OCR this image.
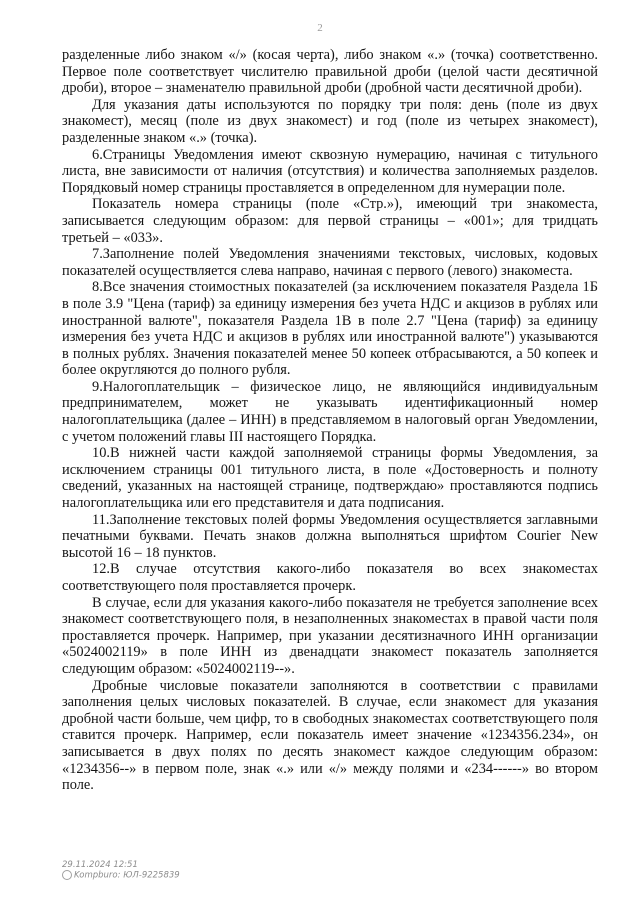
2

разделенные либо знаком «/» (косая черта), либо знаком «.» (точка) соответственно. Первое поле соответствует числителю правильной дроби (целой части десятичной дроби), второе – знаменателю правильной дроби (дробной части десятичной дроби).

Для указания даты используются по порядку три поля: день (поле из двух знакомест), месяц (поле из двух знакомест) и год (поле из четырех знакомест), разделенные знаком «.» (точка).

6.Страницы Уведомления имеют сквозную нумерацию, начиная с титульного листа, вне зависимости от наличия (отсутствия) и количества заполняемых разделов. Порядковый номер страницы проставляется в определенном для нумерации поле.

Показатель номера страницы (поле «Стр.»), имеющий три знакоместа, записывается следующим образом: для первой страницы – «001»; для тридцать третьей – «033».

7.Заполнение полей Уведомления значениями текстовых, числовых, кодовых показателей осуществляется слева направо, начиная с первого (левого) знакоместа.

8.Все значения стоимостных показателей (за исключением показателя Раздела 1Б в поле 3.9 "Цена (тариф) за единицу измерения без учета НДС и акцизов в рублях или иностранной валюте", показателя Раздела 1В в поле 2.7 "Цена (тариф) за единицу измерения без учета НДС и акцизов в рублях или иностранной валюте") указываются в полных рублях. Значения показателей менее 50 копеек отбрасываются, а 50 копеек и более округляются до полного рубля.

9.Налогоплательщик – физическое лицо, не являющийся индивидуальным предпринимателем, может не указывать идентификационный номер налогоплательщика (далее – ИНН) в представляемом в налоговый орган Уведомлении, с учетом положений главы III настоящего Порядка.

10.В нижней части каждой заполняемой страницы формы Уведомления, за исключением страницы 001 титульного листа, в поле «Достоверность и полноту сведений, указанных на настоящей странице, подтверждаю» проставляются подпись налогоплательщика или его представителя и дата подписания.

11.Заполнение текстовых полей формы Уведомления осуществляется заглавными печатными буквами. Печать знаков должна выполняться шрифтом Courier New высотой 16 – 18 пунктов.

12.В случае отсутствия какого-либо показателя во всех знакоместах соответствующего поля проставляется прочерк.

В случае, если для указания какого-либо показателя не требуется заполнение всех знакомест соответствующего поля, в незаполненных знакоместах в правой части поля проставляется прочерк. Например, при указании десятизначного ИНН организации «5024002119» в поле ИНН из двенадцати знакомест показатель заполняется следующим образом: «5024002119--».

Дробные числовые показатели заполняются в соответствии с правилами заполнения целых числовых показателей. В случае, если знакомест для указания дробной части больше, чем цифр, то в свободных знакоместах соответствующего поля ставится прочерк. Например, если показатель имеет значение «1234356.234», он записывается в двух полях по десять знакомест каждое следующим образом: «1234356--» в первом поле, знак «.» или «/» между полями и «234------» во втором поле.

29.11.2024 12:51
Kompburo: ЮЛ-9225839
